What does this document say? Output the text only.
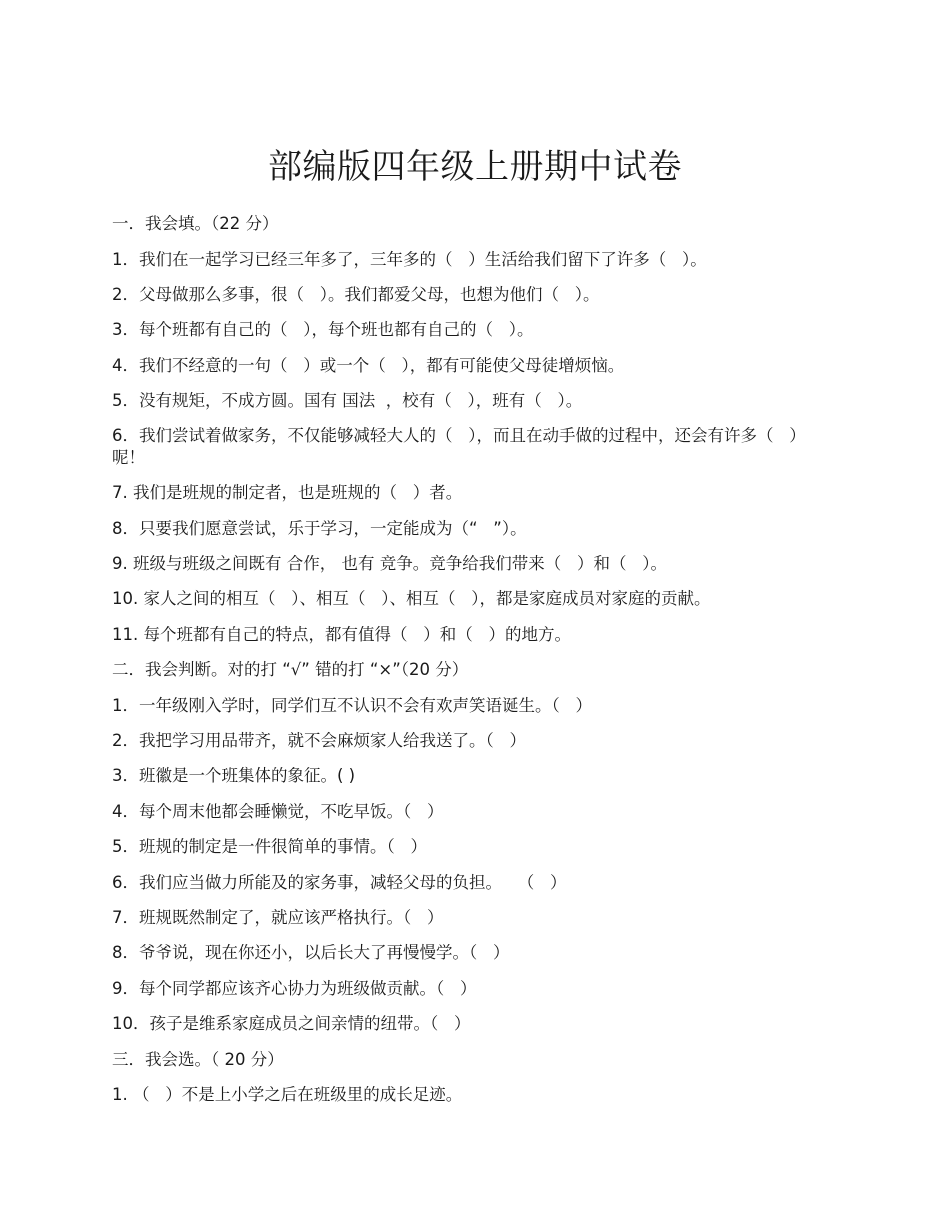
部编版四年级上册期中试卷
一．我会填。（22 分）
1．我们在一起学习已经三年多了，三年多的（   ）生活给我们留下了许多（   ）。
2．父母做那么多事，很（   ）。我们都爱父母，也想为他们（   ）。
3．每个班都有自己的（   ），每个班也都有自己的（   ）。
4．我们不经意的一句（   ）或一个（   ），都有可能使父母徒增烦恼。
5．没有规矩，不成方圆。国有 国法  ，校有（   ），班有（   ）。
6．我们尝试着做家务，不仅能够减轻大人的（   ），而且在动手做的过程中，还会有许多（   ）呢！
7. 我们是班规的制定者，也是班规的（   ）者。
8．只要我们愿意尝试，乐于学习，一定能成为（“   ”）。
9. 班级与班级之间既有 合作， 也有 竞争。竞争给我们带来（   ）和（   ）。
10. 家人之间的相互（   ）、相互（   ）、相互（   ），都是家庭成员对家庭的贡献。
11. 每个班都有自己的特点，都有值得（   ）和（   ）的地方。
二．我会判断。对的打 “√” 错的打 “×”（20 分）
1．一年级刚入学时，同学们互不认识不会有欢声笑语诞生。（   ）
2．我把学习用品带齐，就不会麻烦家人给我送了。（   ）
3．班徽是一个班集体的象征。( )
4．每个周末他都会睡懒觉，不吃早饭。（   ）
5．班规的制定是一件很简单的事情。（   ）
6．我们应当做力所能及的家务事，减轻父母的负担。   （   ）
7．班规既然制定了，就应该严格执行。（   ）
8．爷爷说，现在你还小，以后长大了再慢慢学。（   ）
9．每个同学都应该齐心协力为班级做贡献。（   ）
10．孩子是维系家庭成员之间亲情的纽带。（   ）
三．我会选。（ 20 分）
1. （   ）不是上小学之后在班级里的成长足迹。
